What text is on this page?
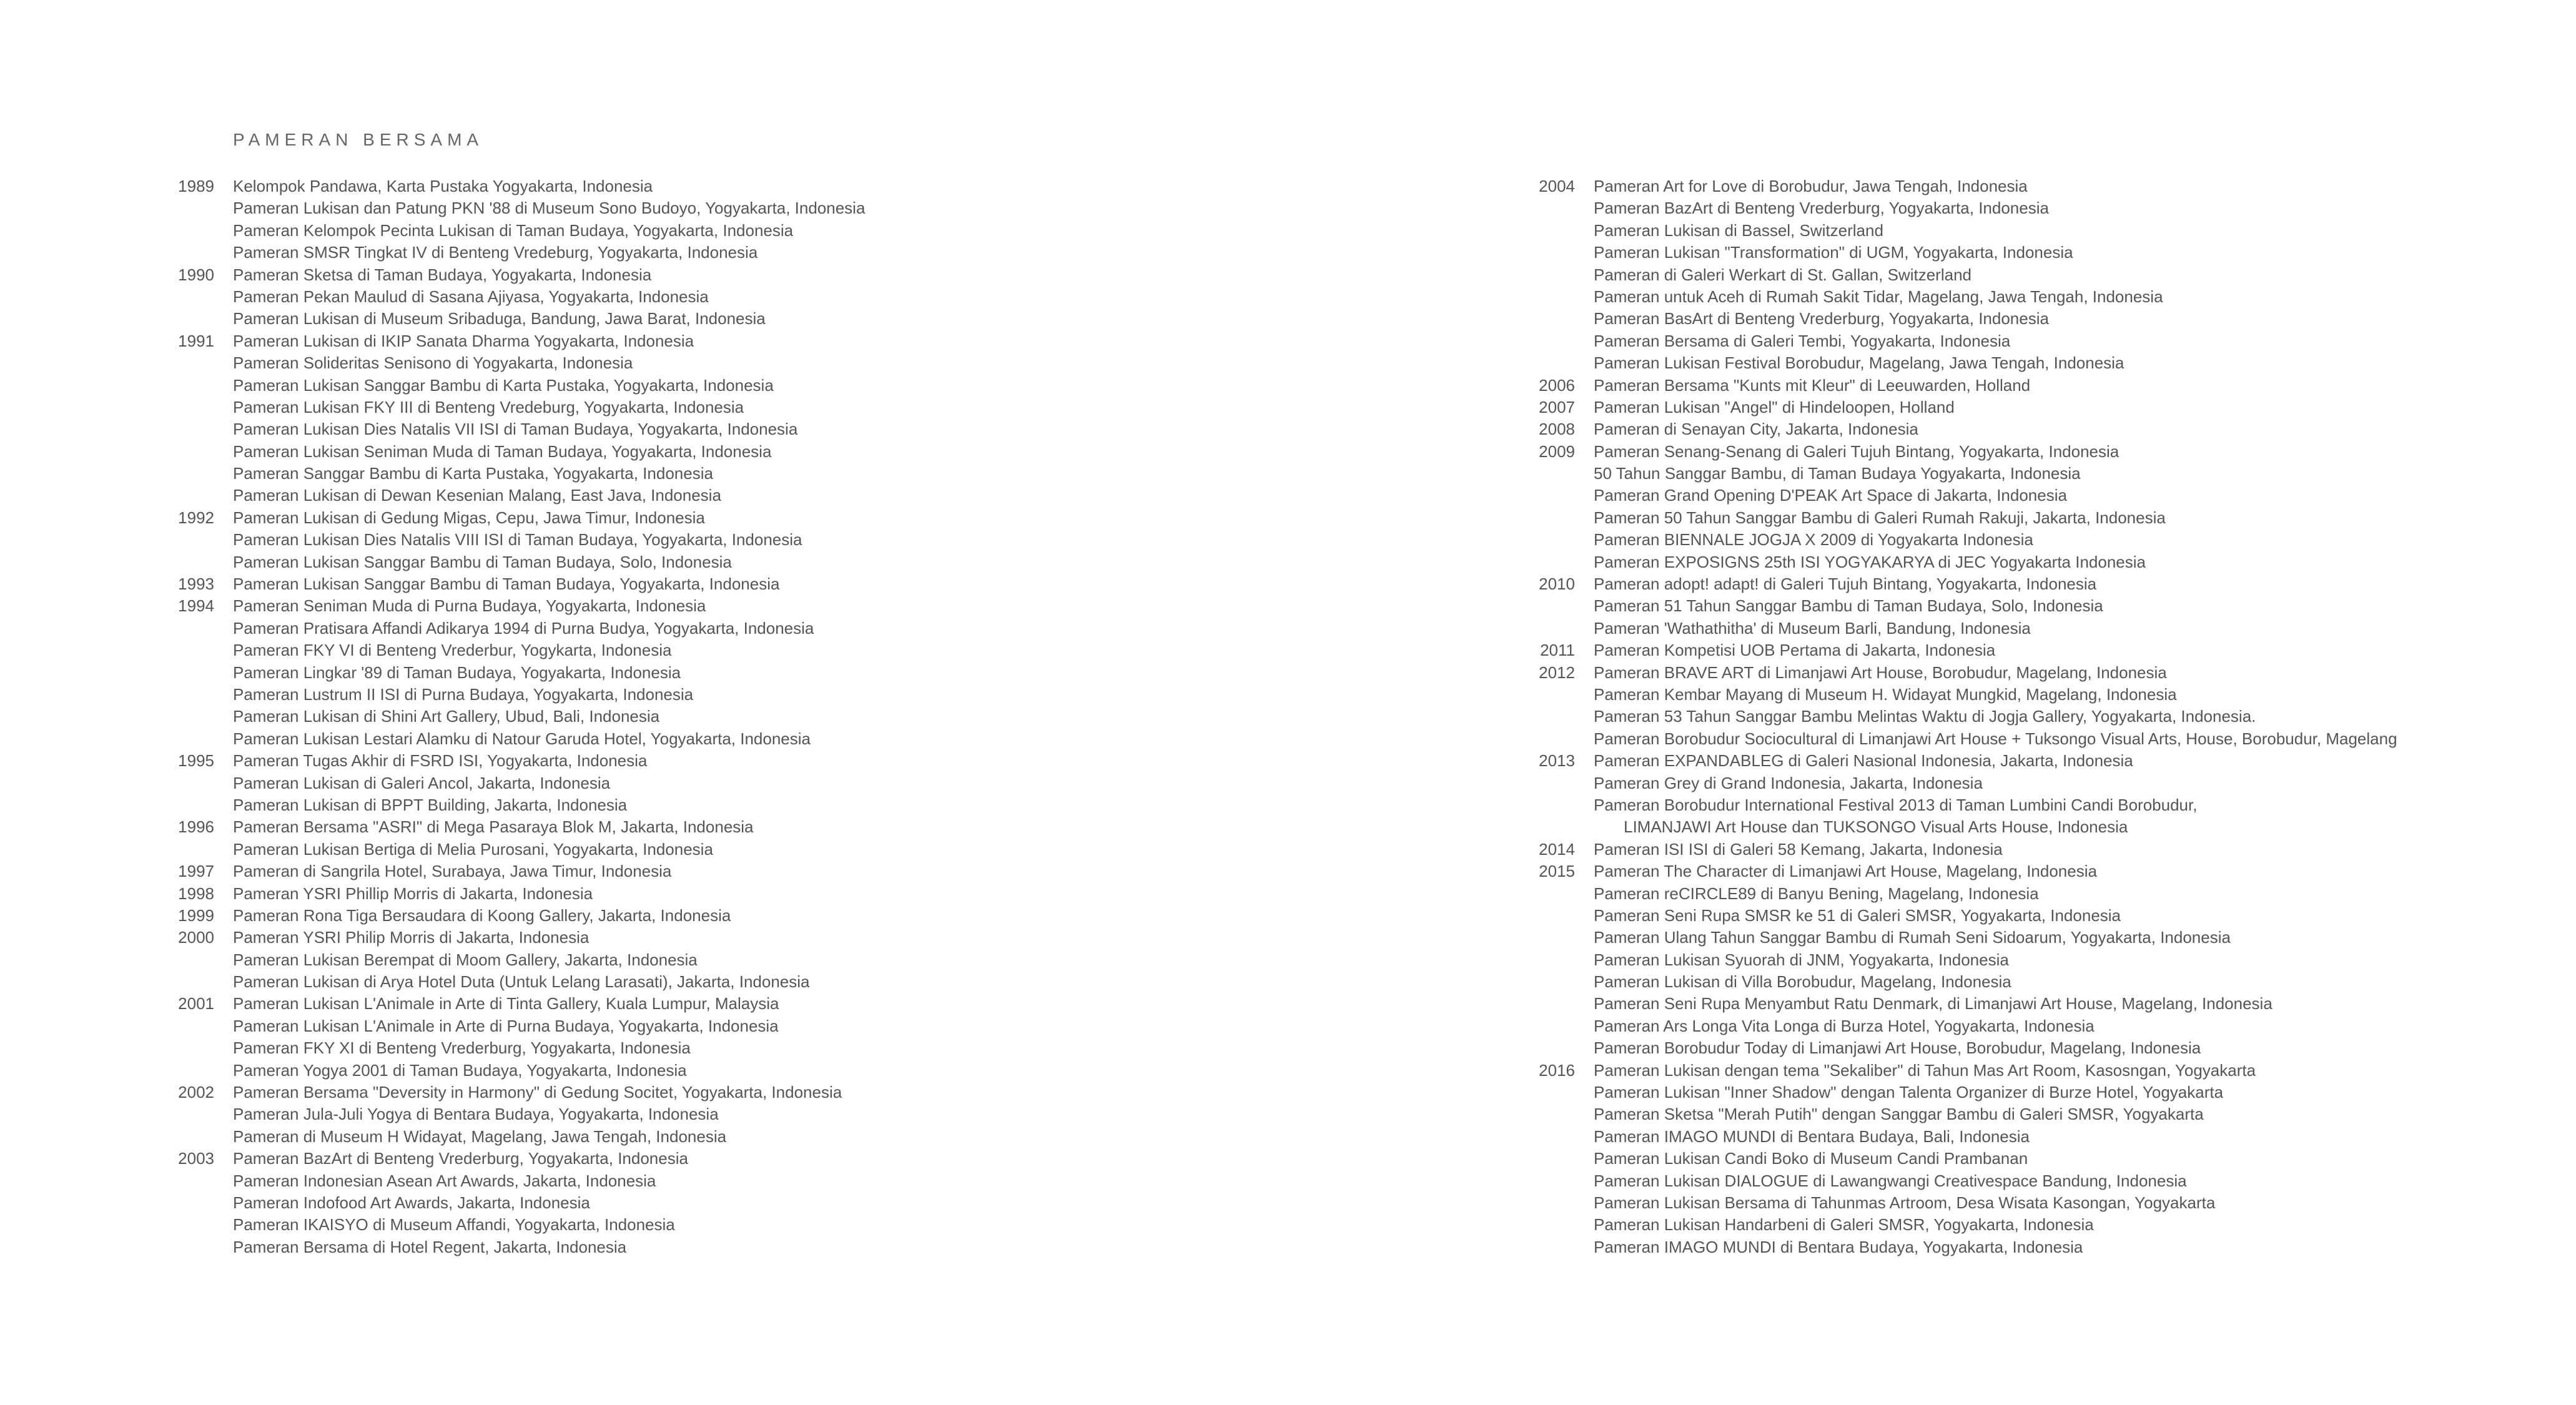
PAMERAN BERSAMA
1989	Kelompok Pandawa, Karta Pustaka Yogyakarta, Indonesia
Pameran Lukisan dan Patung PKN '88 di Museum Sono Budoyo, Yogyakarta, Indonesia
Pameran Kelompok Pecinta Lukisan di Taman Budaya, Yogyakarta, Indonesia
Pameran SMSR Tingkat IV di Benteng Vredeburg, Yogyakarta, Indonesia
1990	Pameran Sketsa di Taman Budaya, Yogyakarta, Indonesia
Pameran Pekan Maulud di Sasana Ajiyasa, Yogyakarta, Indonesia
Pameran Lukisan di Museum Sribaduga, Bandung, Jawa Barat, Indonesia
1991	Pameran Lukisan di IKIP Sanata Dharma Yogyakarta, Indonesia
Pameran Solideritas Senisono di Yogyakarta, Indonesia
Pameran Lukisan Sanggar Bambu di Karta Pustaka, Yogyakarta, Indonesia
Pameran Lukisan FKY III di Benteng Vredeburg, Yogyakarta, Indonesia
Pameran Lukisan Dies Natalis VII ISI di Taman Budaya, Yogyakarta, Indonesia
Pameran Lukisan Seniman Muda di Taman Budaya, Yogyakarta, Indonesia
Pameran Sanggar Bambu di Karta Pustaka, Yogyakarta, Indonesia
Pameran Lukisan di Dewan Kesenian Malang, East Java, Indonesia
1992	Pameran Lukisan di Gedung Migas, Cepu, Jawa Timur, Indonesia
Pameran Lukisan Dies Natalis VIII ISI di Taman Budaya, Yogyakarta, Indonesia
Pameran Lukisan Sanggar Bambu di Taman Budaya, Solo, Indonesia
1993	Pameran Lukisan Sanggar Bambu di Taman Budaya, Yogyakarta, Indonesia
1994	Pameran Seniman Muda di Purna Budaya, Yogyakarta, Indonesia
Pameran Pratisara Affandi Adikarya 1994 di Purna Budya, Yogyakarta, Indonesia
Pameran FKY VI di Benteng Vrederbur, Yogykarta, Indonesia
Pameran Lingkar '89 di Taman Budaya, Yogyakarta, Indonesia
Pameran Lustrum II ISI di Purna Budaya, Yogyakarta, Indonesia
Pameran Lukisan di Shini Art Gallery, Ubud, Bali, Indonesia
Pameran Lukisan Lestari Alamku di Natour Garuda Hotel, Yogyakarta, Indonesia
1995	Pameran Tugas Akhir di FSRD ISI, Yogyakarta, Indonesia
Pameran Lukisan di Galeri Ancol, Jakarta, Indonesia
Pameran Lukisan di BPPT Building, Jakarta, Indonesia
1996	Pameran Bersama "ASRI" di Mega Pasaraya Blok M, Jakarta, Indonesia
Pameran Lukisan Bertiga di Melia Purosani, Yogyakarta, Indonesia
1997	Pameran di Sangrila Hotel, Surabaya, Jawa Timur, Indonesia
1998	Pameran YSRI Phillip Morris di Jakarta, Indonesia
1999	Pameran Rona Tiga Bersaudara di Koong Gallery, Jakarta, Indonesia
2000	Pameran YSRI Philip Morris di Jakarta, Indonesia
Pameran Lukisan Berempat di Moom Gallery, Jakarta, Indonesia
Pameran Lukisan di Arya Hotel Duta (Untuk Lelang Larasati), Jakarta, Indonesia
2001	Pameran Lukisan L'Animale in Arte di Tinta Gallery, Kuala Lumpur, Malaysia
Pameran Lukisan L'Animale in Arte di Purna Budaya, Yogyakarta, Indonesia
Pameran FKY XI di Benteng Vrederburg, Yogyakarta, Indonesia
Pameran Yogya 2001 di Taman Budaya, Yogyakarta, Indonesia
2002	Pameran Bersama "Deversity in Harmony" di Gedung Socitet, Yogyakarta, Indonesia
Pameran Jula-Juli Yogya di Bentara Budaya, Yogyakarta, Indonesia
Pameran di Museum H Widayat, Magelang, Jawa Tengah, Indonesia
2003	Pameran BazArt di Benteng Vrederburg, Yogyakarta, Indonesia
Pameran Indonesian Asean Art Awards, Jakarta, Indonesia
Pameran Indofood Art Awards, Jakarta, Indonesia
Pameran IKAISYO di Museum Affandi, Yogyakarta, Indonesia
Pameran Bersama di Hotel Regent, Jakarta, Indonesia
2004	Pameran Art for Love di Borobudur, Jawa Tengah, Indonesia
Pameran BazArt di Benteng Vrederburg, Yogyakarta, Indonesia
Pameran Lukisan di Bassel, Switzerland
Pameran Lukisan "Transformation" di UGM, Yogyakarta, Indonesia
Pameran di Galeri Werkart di St. Gallan, Switzerland
Pameran untuk Aceh di Rumah Sakit Tidar, Magelang, Jawa Tengah, Indonesia
Pameran BasArt di Benteng Vrederburg, Yogyakarta, Indonesia
Pameran Bersama di Galeri Tembi, Yogyakarta, Indonesia
Pameran Lukisan Festival Borobudur, Magelang, Jawa Tengah, Indonesia
2006	Pameran Bersama "Kunts mit Kleur" di Leeuwarden, Holland
2007	Pameran Lukisan "Angel" di Hindeloopen, Holland
2008	Pameran di Senayan City, Jakarta, Indonesia
2009	Pameran Senang-Senang di Galeri Tujuh Bintang, Yogyakarta, Indonesia
50 Tahun Sanggar Bambu, di Taman Budaya Yogyakarta, Indonesia
Pameran Grand Opening D'PEAK Art Space di Jakarta, Indonesia
Pameran 50 Tahun Sanggar Bambu di Galeri Rumah Rakuji, Jakarta, Indonesia
Pameran BIENNALE JOGJA X 2009 di Yogyakarta Indonesia
Pameran EXPOSIGNS 25th ISI YOGYAKARYA di JEC Yogyakarta Indonesia
2010	Pameran adopt! adapt! di Galeri Tujuh Bintang, Yogyakarta, Indonesia
Pameran 51 Tahun Sanggar Bambu di Taman Budaya, Solo, Indonesia
Pameran 'Wathathitha' di Museum Barli, Bandung, Indonesia
2011	Pameran Kompetisi UOB Pertama di Jakarta, Indonesia
2012	Pameran BRAVE ART di Limanjawi Art House, Borobudur, Magelang, Indonesia
Pameran Kembar Mayang di Museum H. Widayat Mungkid, Magelang, Indonesia
Pameran 53 Tahun Sanggar Bambu Melintas Waktu di Jogja Gallery, Yogyakarta, Indonesia.
Pameran Borobudur Sociocultural di Limanjawi Art House + Tuksongo Visual Arts, House, Borobudur, Magelang
2013	Pameran EXPANDABLEG di Galeri Nasional Indonesia, Jakarta, Indonesia
Pameran Grey di Grand Indonesia, Jakarta, Indonesia
Pameran Borobudur International Festival 2013 di Taman Lumbini Candi Borobudur,
LIMANJAWI Art House dan TUKSONGO Visual Arts House, Indonesia
2014	Pameran ISI ISI di Galeri 58 Kemang, Jakarta, Indonesia
2015	Pameran The Character di Limanjawi Art House, Magelang, Indonesia
Pameran reCIRCLE89 di Banyu Bening, Magelang, Indonesia
Pameran Seni Rupa SMSR ke 51 di Galeri SMSR, Yogyakarta, Indonesia
Pameran Ulang Tahun Sanggar Bambu di Rumah Seni Sidoarum, Yogyakarta, Indonesia
Pameran Lukisan Syuorah di JNM, Yogyakarta, Indonesia
Pameran Lukisan di Villa Borobudur, Magelang, Indonesia
Pameran Seni Rupa Menyambut Ratu Denmark, di Limanjawi Art House, Magelang, Indonesia
Pameran Ars Longa Vita Longa di Burza Hotel, Yogyakarta, Indonesia
Pameran Borobudur Today di Limanjawi Art House, Borobudur, Magelang, Indonesia
2016	Pameran Lukisan dengan tema "Sekaliber" di Tahun Mas Art Room, Kasosngan, Yogyakarta
Pameran Lukisan "Inner Shadow" dengan Talenta Organizer di Burze Hotel, Yogyakarta
Pameran Sketsa "Merah Putih" dengan Sanggar Bambu di Galeri SMSR, Yogyakarta
Pameran IMAGO MUNDI di Bentara Budaya, Bali, Indonesia
Pameran Lukisan Candi Boko di Museum Candi Prambanan
Pameran Lukisan DIALOGUE di Lawangwangi Creativespace Bandung, Indonesia
Pameran Lukisan Bersama di Tahunmas Artroom, Desa Wisata Kasongan, Yogyakarta
Pameran Lukisan Handarbeni di Galeri SMSR, Yogyakarta, Indonesia
Pameran IMAGO MUNDI di Bentara Budaya, Yogyakarta, Indonesia
